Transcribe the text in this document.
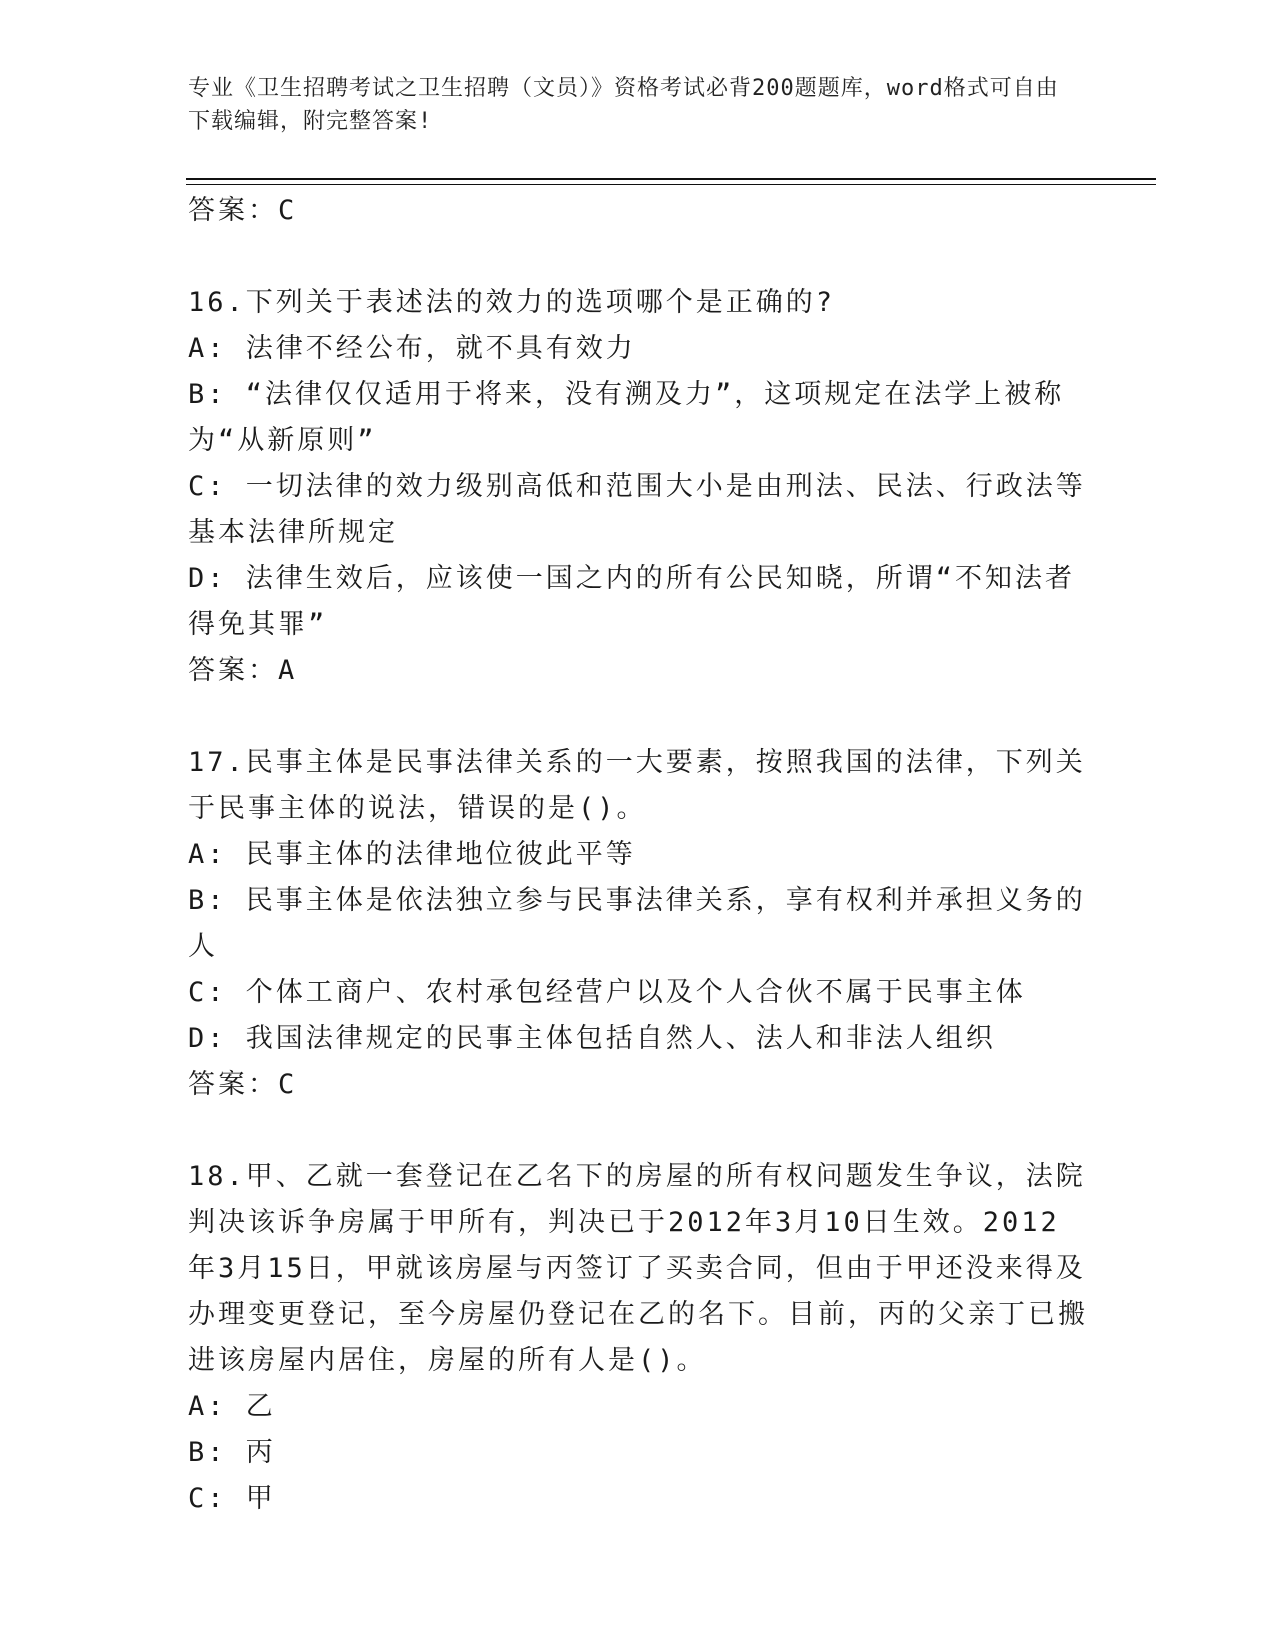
专业《卫生招聘考试之卫生招聘（文员）》资格考试必背200题题库，word格式可自由下载编辑，附完整答案!
答案：C
16.下列关于表述法的效力的选项哪个是正确的?
A: 法律不经公布，就不具有效力
B: “法律仅仅适用于将来，没有溯及力”，这项规定在法学上被称为“从新原则”
C: 一切法律的效力级别高低和范围大小是由刑法、民法、行政法等基本法律所规定
D: 法律生效后，应该使一国之内的所有公民知晓，所谓“不知法者得免其罪”
答案：A
17.民事主体是民事法律关系的一大要素，按照我国的法律，下列关于民事主体的说法，错误的是()。
A: 民事主体的法律地位彼此平等
B: 民事主体是依法独立参与民事法律关系，享有权利并承担义务的人
C: 个体工商户、农村承包经营户以及个人合伙不属于民事主体
D: 我国法律规定的民事主体包括自然人、法人和非法人组织
答案：C
18.甲、乙就一套登记在乙名下的房屋的所有权问题发生争议，法院判决该诉争房属于甲所有，判决已于2012年3月10日生效。2012年3月15日，甲就该房屋与丙签订了买卖合同，但由于甲还没来得及办理变更登记，至今房屋仍登记在乙的名下。目前，丙的父亲丁已搬进该房屋内居住，房屋的所有人是()。
A: 乙
B: 丙
C: 甲
